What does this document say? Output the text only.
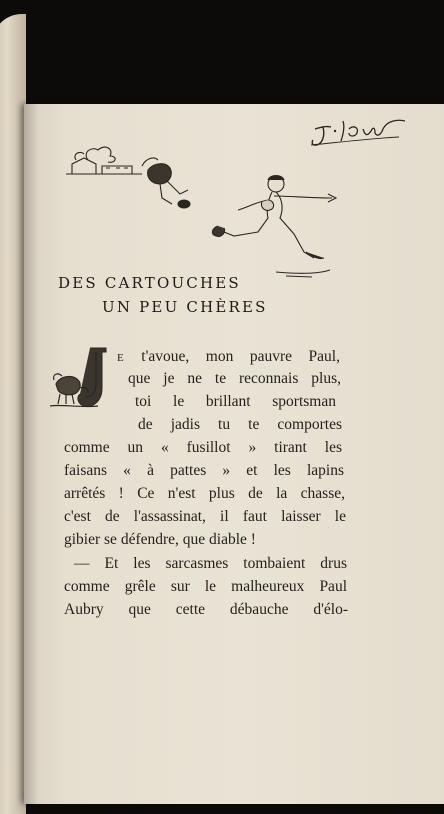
DES CARTOUCHES
UN PEU CHÈRES

E t'avoue, mon pauvre Paul,

que je ne te reconnais plus,

toi le brillant sportsman

de jadis tu te comportes

comme un « fusillot » tirant les

faisans « à pattes » et les lapins

arrêtés ! Ce n'est plus de la chasse,

c'est de l'assassinat, il faut laisser le

gibier se défendre, que diable !

— Et les sarcasmes tombaient drus

comme grêle sur le malheureux Paul

Aubry que cette débauche d'élo-
